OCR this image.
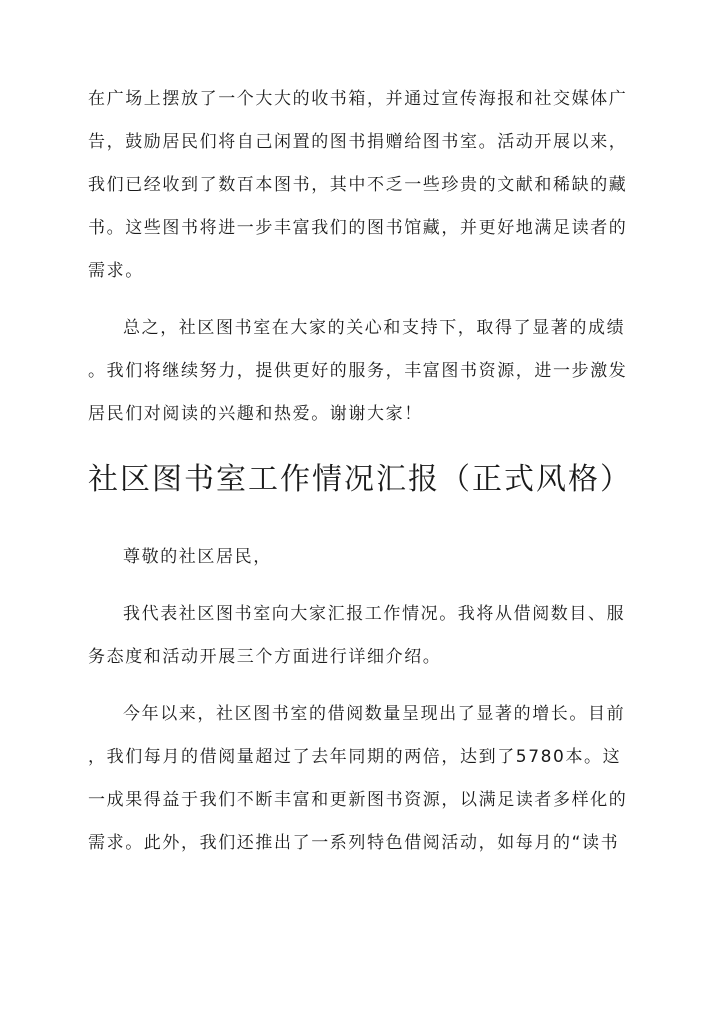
在广场上摆放了一个大大的收书箱，并通过宣传海报和社交媒体广
告，鼓励居民们将自己闲置的图书捐赠给图书室。活动开展以来，
我们已经收到了数百本图书，其中不乏一些珍贵的文献和稀缺的藏
书。这些图书将进一步丰富我们的图书馆藏，并更好地满足读者的
需求。
总之，社区图书室在大家的关心和支持下，取得了显著的成绩
。我们将继续努力，提供更好的服务，丰富图书资源，进一步激发
居民们对阅读的兴趣和热爱。谢谢大家！
社区图书室工作情况汇报（正式风格）
尊敬的社区居民，
我代表社区图书室向大家汇报工作情况。我将从借阅数目、服
务态度和活动开展三个方面进行详细介绍。
今年以来，社区图书室的借阅数量呈现出了显著的增长。目前
，我们每月的借阅量超过了去年同期的两倍，达到了5780本。这
一成果得益于我们不断丰富和更新图书资源，以满足读者多样化的
需求。此外，我们还推出了一系列特色借阅活动，如每月的“读书
